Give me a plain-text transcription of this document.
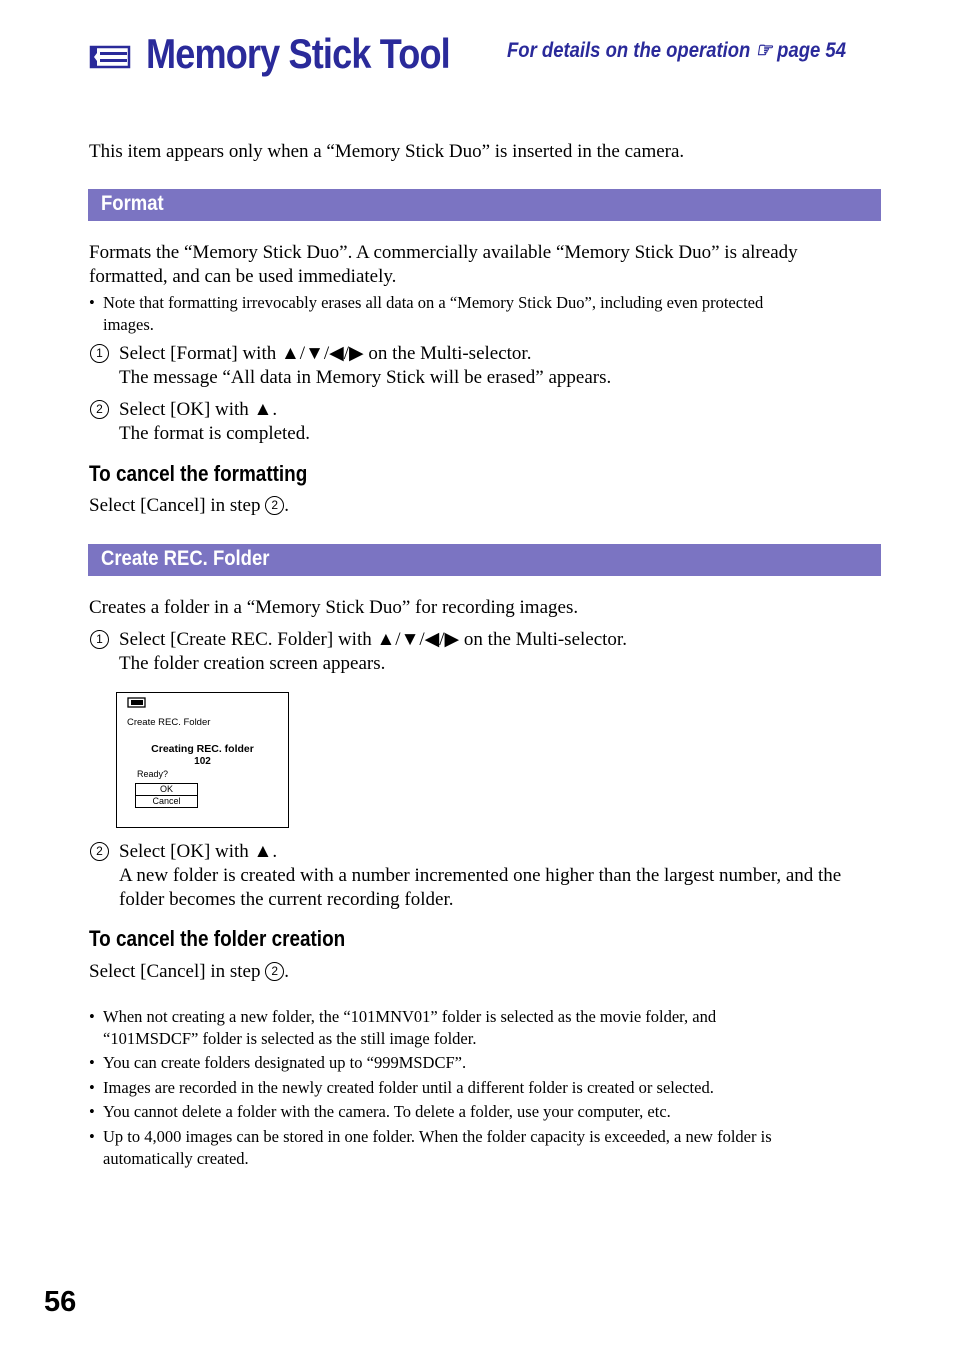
Memory Stick Tool	For details on the operation ☞ page 54
This item appears only when a “Memory Stick Duo” is inserted in the camera.
Format
Formats the “Memory Stick Duo”. A commercially available “Memory Stick Duo” is already
formatted, and can be used immediately.
• Note that formatting irrevocably erases all data on a “Memory Stick Duo”, including even protected
images.
1 Select [Format] with ▲/▼/◀/▶ on the Multi-selector.
The message “All data in Memory Stick will be erased” appears.
2 Select [OK] with ▲.
The format is completed.
To cancel the formatting
Select [Cancel] in step 2 .
Create REC. Folder
Creates a folder in a “Memory Stick Duo” for recording images.
1 Select [Create REC. Folder] with ▲/▼/◀/▶ on the Multi-selector.
The folder creation screen appears.
Create REC. Folder
Creating REC. folder
102
Ready?
OK
Cancel
2 Select [OK] with ▲.
A new folder is created with a number incremented one higher than the largest number, and the
folder becomes the current recording folder.
To cancel the folder creation
Select [Cancel] in step 2 .
• When not creating a new folder, the “101MNV01” folder is selected as the movie folder, and
“101MSDCF” folder is selected as the still image folder.
• You can create folders designated up to “999MSDCF”.
• Images are recorded in the newly created folder until a different folder is created or selected.
• You cannot delete a folder with the camera. To delete a folder, use your computer, etc.
• Up to 4,000 images can be stored in one folder. When the folder capacity is exceeded, a new folder is
automatically created.
56
